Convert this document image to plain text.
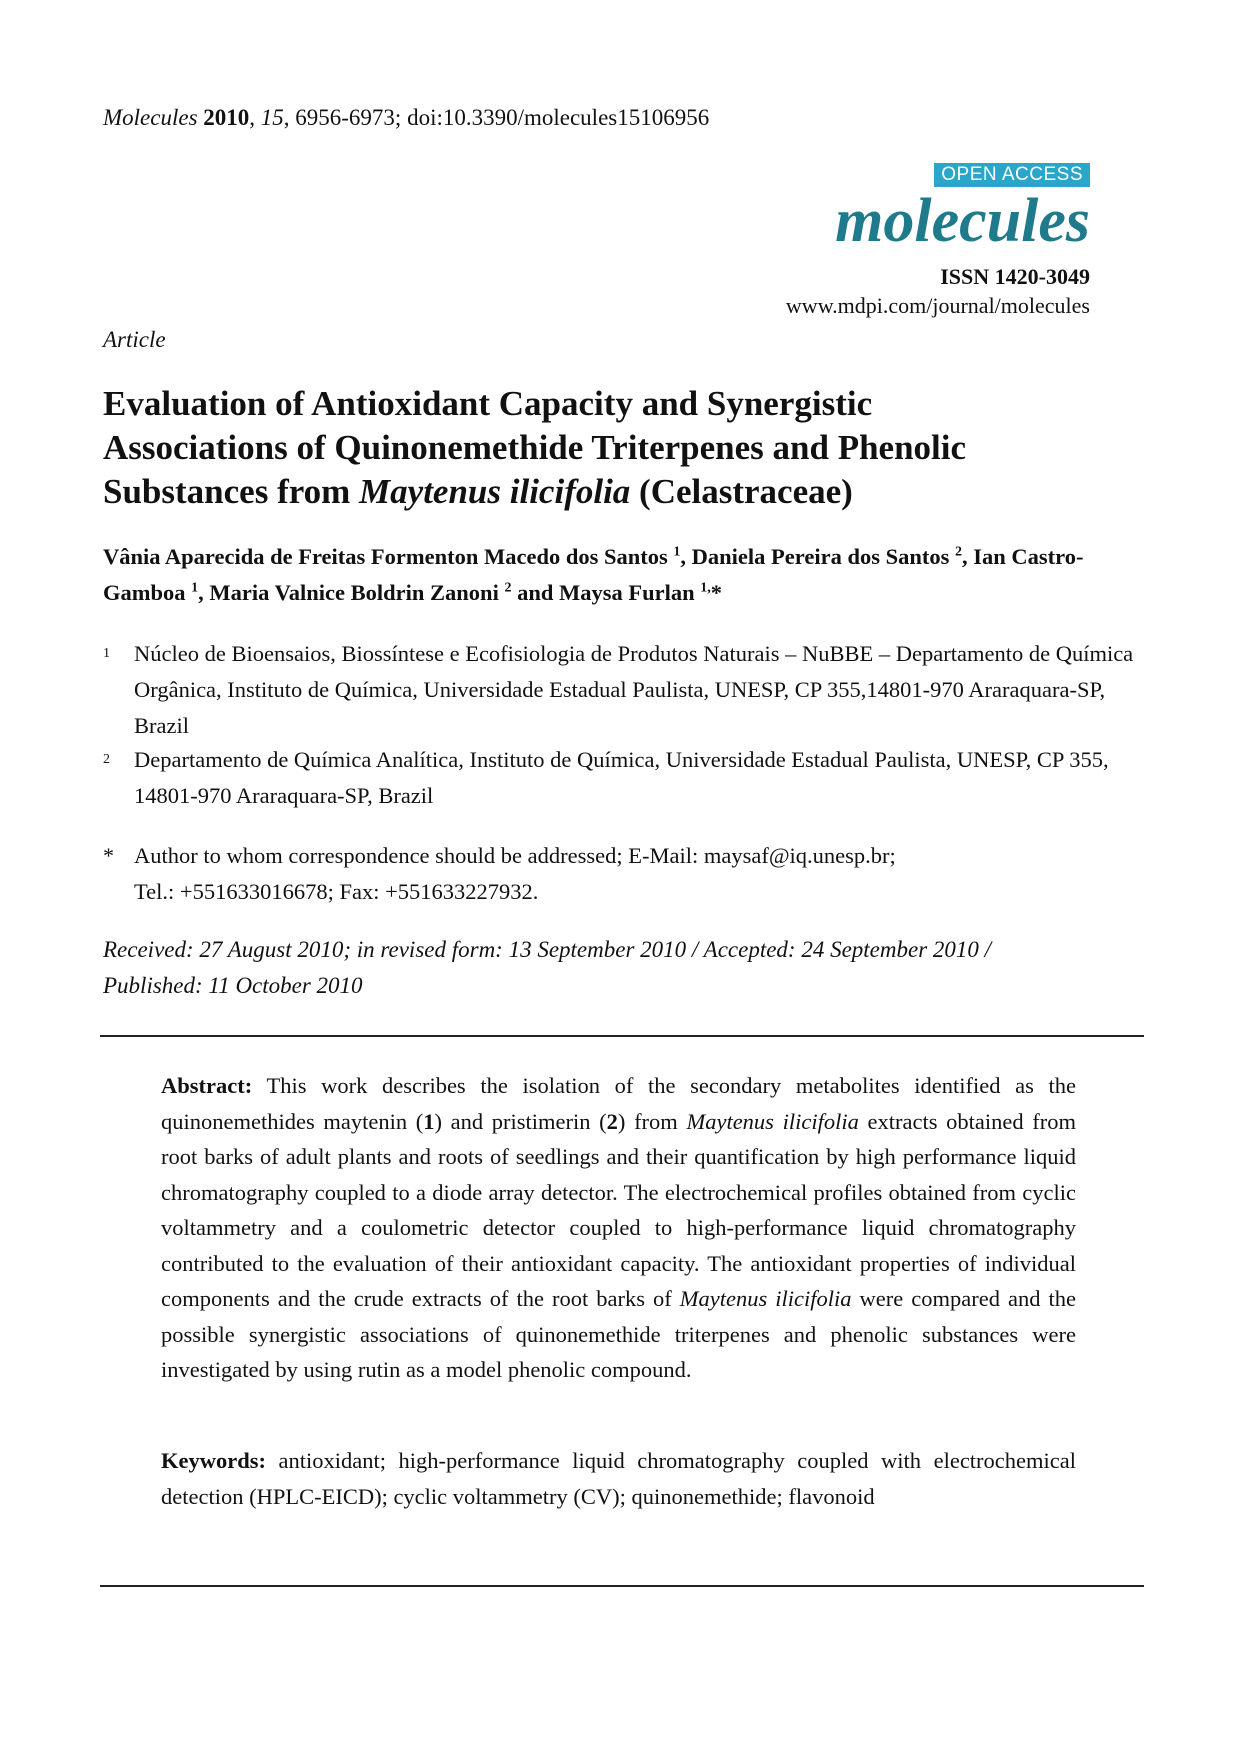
Molecules 2010, 15, 6956-6973; doi:10.3390/molecules15106956
OPEN ACCESS
molecules
ISSN 1420-3049
www.mdpi.com/journal/molecules
Article
Evaluation of Antioxidant Capacity and Synergistic
Associations of Quinonemethide Triterpenes and Phenolic
Substances from Maytenus ilicifolia (Celastraceae)
Vânia Aparecida de Freitas Formenton Macedo dos Santos $^1$, Daniela Pereira dos Santos $^2$, Ian Castro-Gamboa $^1$, Maria Valnice Boldrin Zanoni $^2$ and Maysa Furlan $^{1,}$*
1 Núcleo de Bioensaios, Biossíntese e Ecofisiologia de Produtos Naturais – NuBBE – Departamento de Química Orgânica, Instituto de Química, Universidade Estadual Paulista, UNESP, CP 355,14801-970 Araraquara-SP, Brazil
2 Departamento de Química Analítica, Instituto de Química, Universidade Estadual Paulista, UNESP, CP 355, 14801-970 Araraquara-SP, Brazil
* Author to whom correspondence should be addressed; E-Mail: maysaf@iq.unesp.br;
Tel.: +551633016678; Fax: +551633227932.
Received: 27 August 2010; in revised form: 13 September 2010 / Accepted: 24 September 2010 /
Published: 11 October 2010
Abstract: This work describes the isolation of the secondary metabolites identified as the quinonemethides maytenin (1) and pristimerin (2) from Maytenus ilicifolia extracts obtained from root barks of adult plants and roots of seedlings and their quantification by high performance liquid chromatography coupled to a diode array detector. The electrochemical profiles obtained from cyclic voltammetry and a coulometric detector coupled to high-performance liquid chromatography contributed to the evaluation of their antioxidant capacity. The antioxidant properties of individual components and the crude extracts of the root barks of Maytenus ilicifolia were compared and the possible synergistic associations of quinonemethide triterpenes and phenolic substances were investigated by using rutin as a model phenolic compound.
Keywords: antioxidant; high-performance liquid chromatography coupled with electrochemical detection (HPLC-EICD); cyclic voltammetry (CV); quinonemethide; flavonoid
